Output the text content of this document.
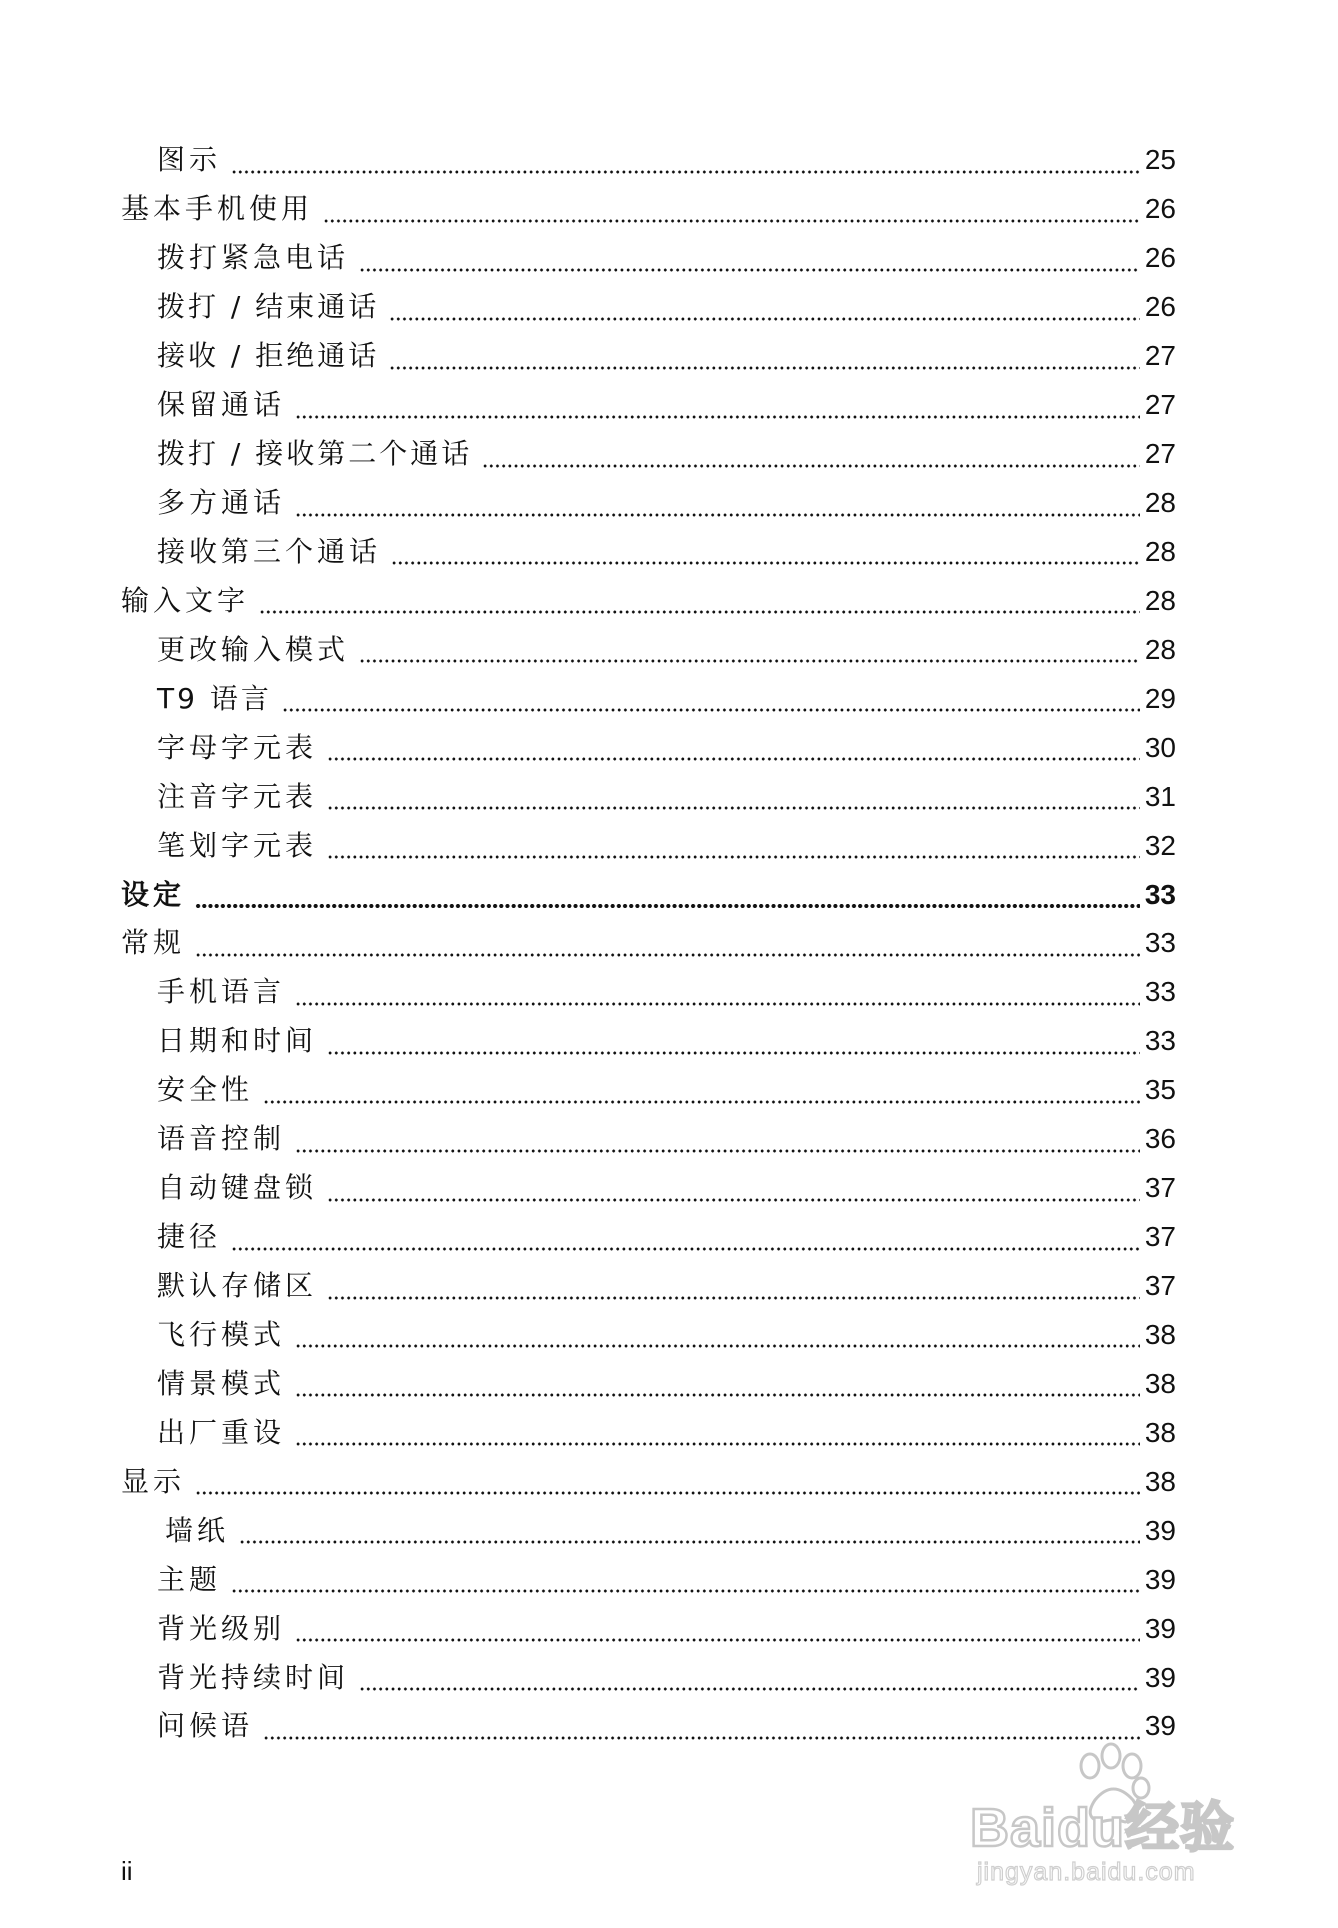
图示	25
基本手机使用	26
拨打紧急电话	26
拨打 / 结束通话	26
接收 / 拒绝通话	27
保留通话	27
拨打 / 接收第二个通话	27
多方通话	28
接收第三个通话	28
输入文字	28
更改输入模式	28
T9 语言	29
字母字元表	30
注音字元表	31
笔划字元表	32
设定	33
常规	33
手机语言	33
日期和时间	33
安全性	35
语音控制	36
自动键盘锁	37
捷径	37
默认存储区	37
飞行模式	38
情景模式	38
出厂重设	38
显示	38
墙纸	39
主题	39
背光级别	39
背光持续时间	39
问候语	39
ii
Baidu经验
jingyan.baidu.com
